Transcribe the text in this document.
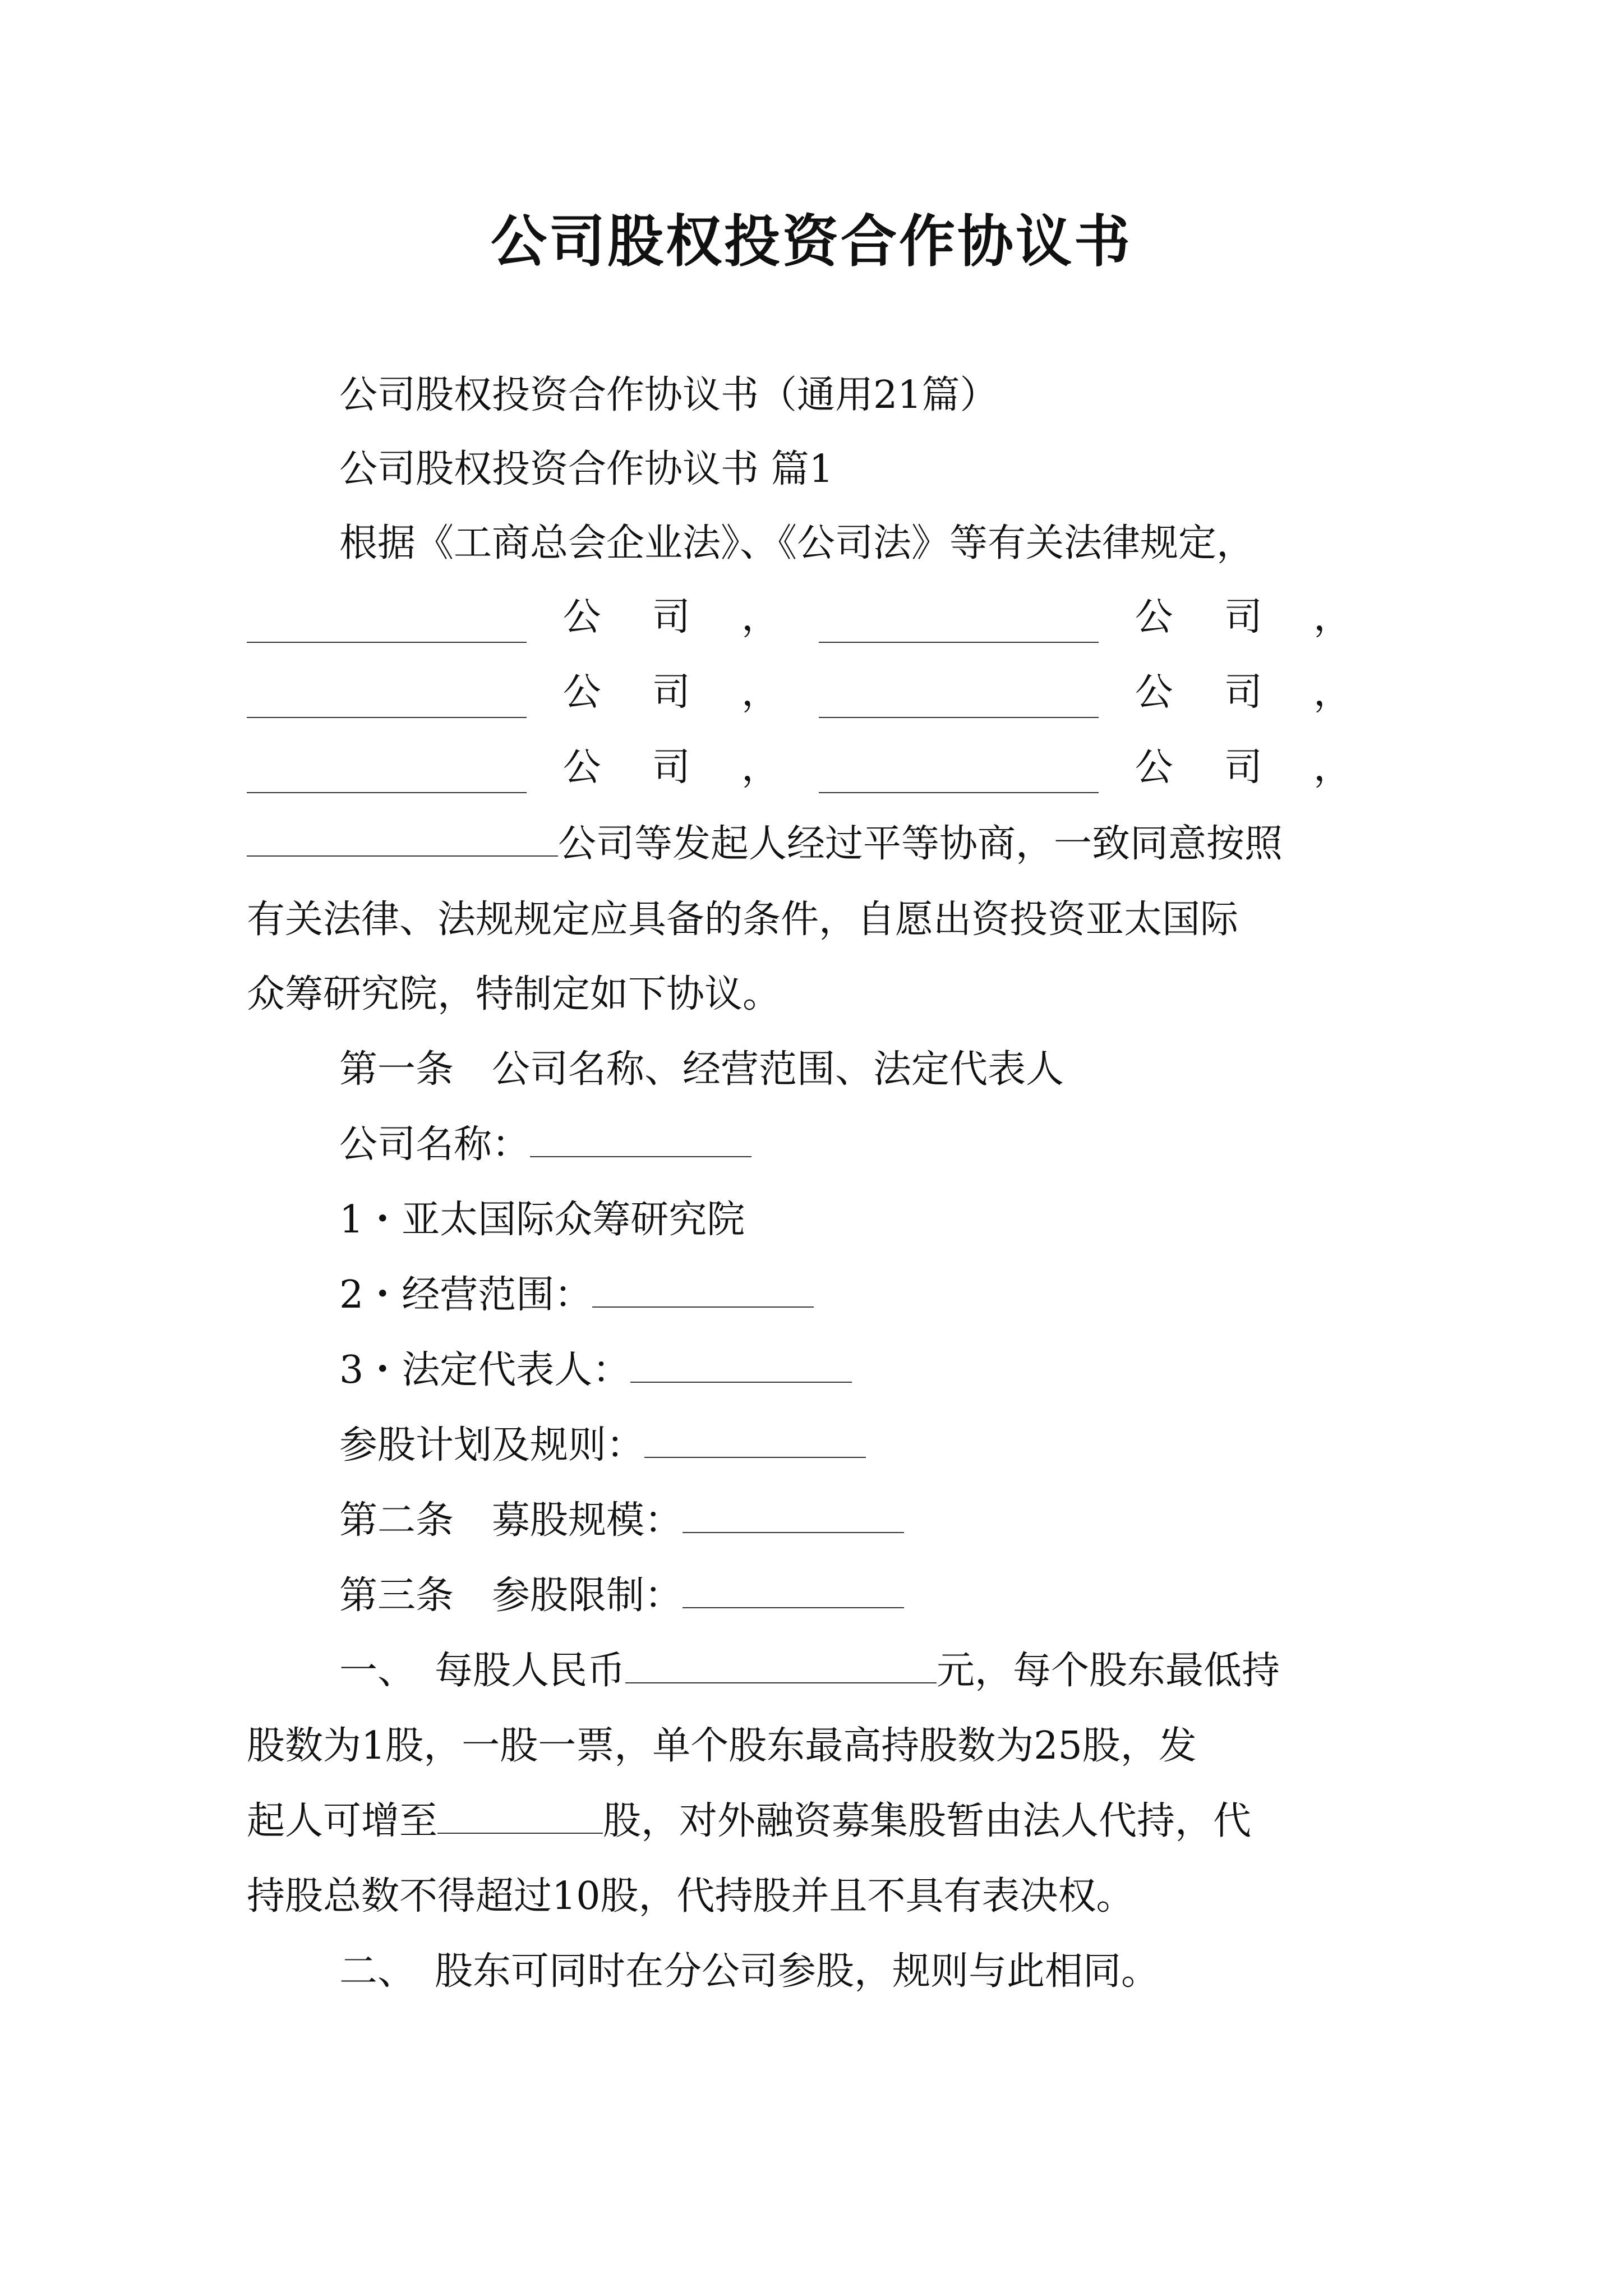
公司股权投资合作协议书
公司股权投资合作协议书（通用21篇）
公司股权投资合作协议书 篇1
根据《工商总会企业法》、《公司法》等有关法律规定，
公 司 ，	公 司 ，
公 司 ，	公 司 ，
公 司 ，	公 司 ，
公司等发起人经过平等协商，一致同意按照
有关法律、法规规定应具备的条件，自愿出资投资亚太国际
众筹研究院，特制定如下协议。
第一条　公司名称、经营范围、法定代表人
公司名称：
1・亚太国际众筹研究院
2・经营范围：
3・法定代表人：
参股计划及规则：
第二条　募股规模：
第三条　参股限制：
一、　每股人民币	元，每个股东最低持
股数为1股，一股一票，单个股东最高持股数为25股，发
起人可增至	股，对外融资募集股暂由法人代持，代
持股总数不得超过10股，代持股并且不具有表决权。
二、　股东可同时在分公司参股，规则与此相同。
